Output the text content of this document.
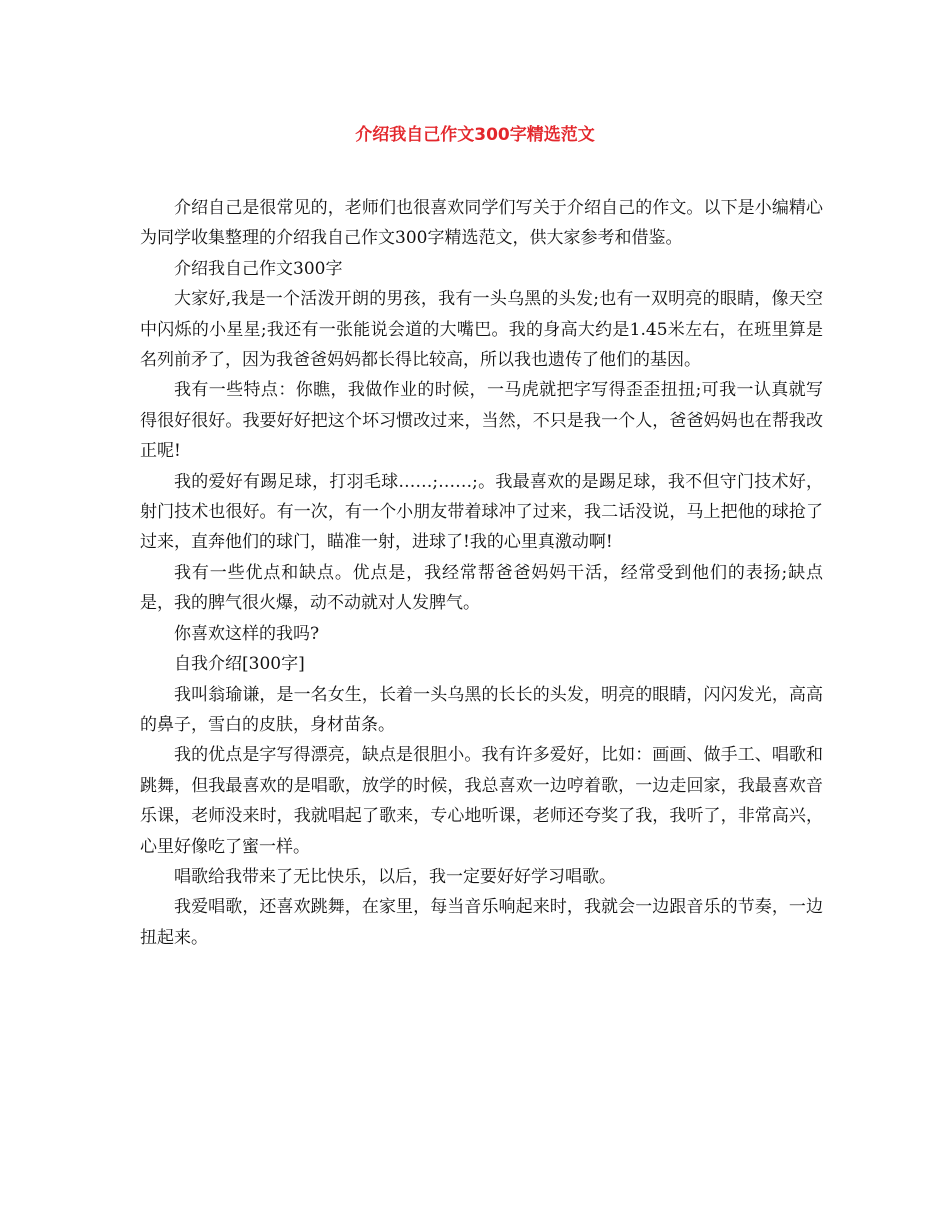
介绍我自己作文300字精选范文

介绍自己是很常见的，老师们也很喜欢同学们写关于介绍自己的作文。以下是小编精心为同学收集整理的介绍我自己作文300字精选范文，供大家参考和借鉴。

介绍我自己作文300字

大家好,我是一个活泼开朗的男孩，我有一头乌黑的头发;也有一双明亮的眼睛，像天空中闪烁的小星星;我还有一张能说会道的大嘴巴。我的身高大约是1.45米左右，在班里算是名列前矛了，因为我爸爸妈妈都长得比较高，所以我也遗传了他们的基因。

我有一些特点：你瞧，我做作业的时候，一马虎就把字写得歪歪扭扭;可我一认真就写得很好很好。我要好好把这个坏习惯改过来，当然，不只是我一个人，爸爸妈妈也在帮我改正呢!

我的爱好有踢足球，打羽毛球……;……;。我最喜欢的是踢足球，我不但守门技术好，射门技术也很好。有一次，有一个小朋友带着球冲了过来，我二话没说，马上把他的球抢了过来，直奔他们的球门，瞄准一射，进球了!我的心里真激动啊!

我有一些优点和缺点。优点是，我经常帮爸爸妈妈干活，经常受到他们的表扬;缺点是，我的脾气很火爆，动不动就对人发脾气。

你喜欢这样的我吗?

自我介绍[300字]

我叫翁瑜谦，是一名女生，长着一头乌黑的长长的头发，明亮的眼睛，闪闪发光，高高的鼻子，雪白的皮肤，身材苗条。

我的优点是字写得漂亮，缺点是很胆小。我有许多爱好，比如：画画、做手工、唱歌和跳舞，但我最喜欢的是唱歌，放学的时候，我总喜欢一边哼着歌，一边走回家，我最喜欢音乐课，老师没来时，我就唱起了歌来，专心地听课，老师还夸奖了我，我听了，非常高兴，心里好像吃了蜜一样。

唱歌给我带来了无比快乐，以后，我一定要好好学习唱歌。

我爱唱歌，还喜欢跳舞，在家里，每当音乐响起来时，我就会一边跟音乐的节奏，一边扭起来。
